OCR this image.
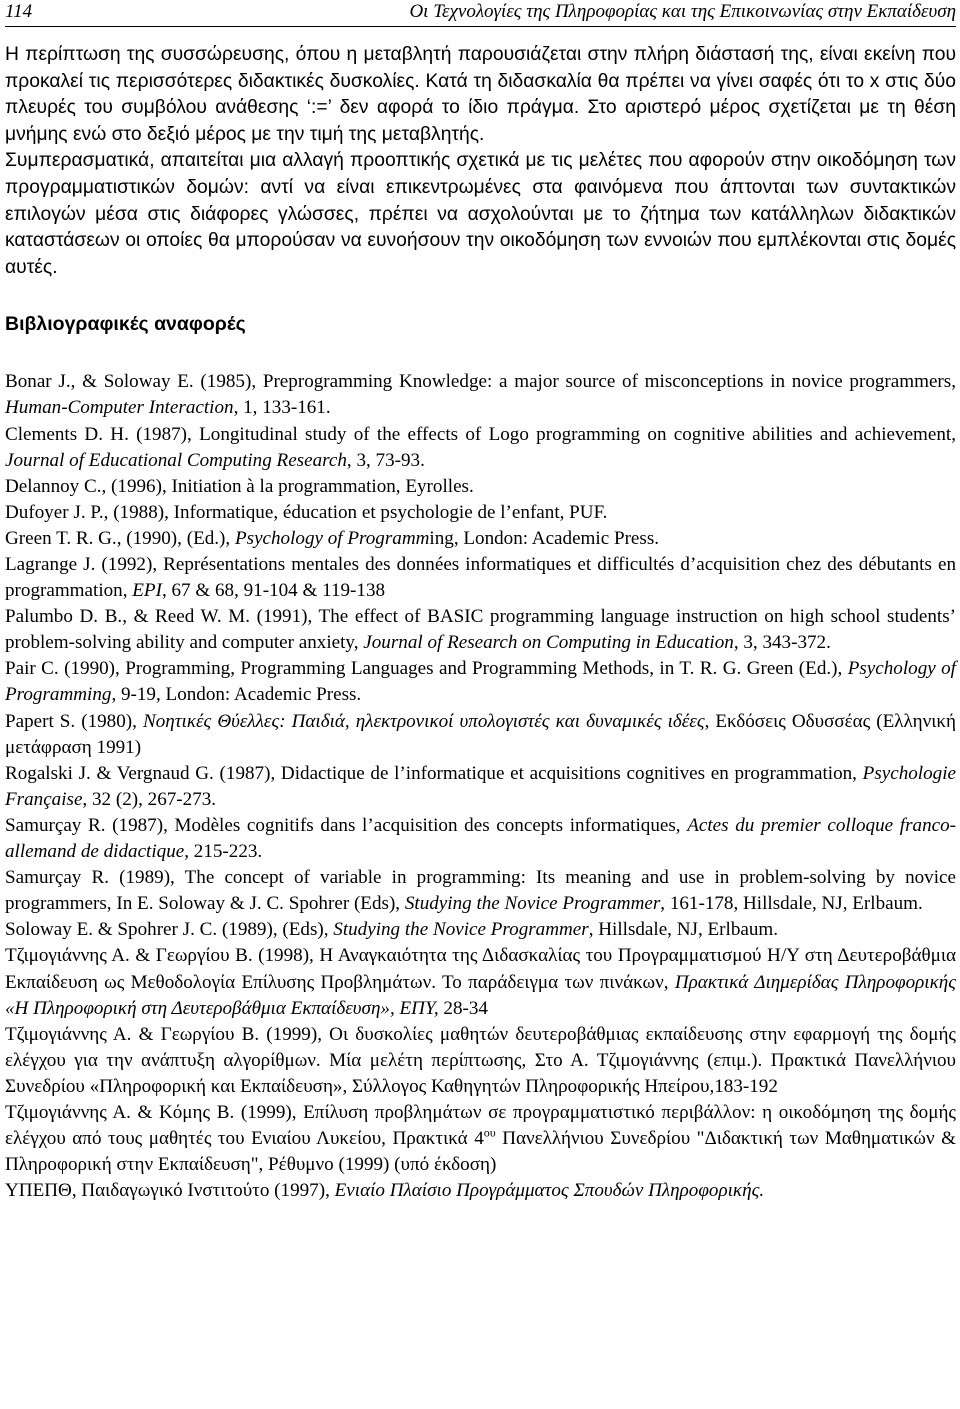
114	Οι Τεχνολογίες της Πληροφορίας και της Επικοινωνίας στην Εκπαίδευση

Η περίπτωση της συσσώρευσης, όπου η μεταβλητή παρουσιάζεται στην πλήρη διάστασή της, είναι εκείνη που προκαλεί τις περισσότερες διδακτικές δυσκολίες. Κατά τη διδασκαλία θα πρέπει να γίνει σαφές ότι το x στις δύο πλευρές του συμβόλου ανάθεσης ‘:=’ δεν αφορά το ίδιο πράγμα. Στο αριστερό μέρος σχετίζεται με τη θέση μνήμης ενώ στο δεξιό μέρος με την τιμή της μεταβλητής.

Συμπερασματικά, απαιτείται μια αλλαγή προοπτικής σχετικά με τις μελέτες που αφορούν στην οικοδόμηση των προγραμματιστικών δομών: αντί να είναι επικεντρωμένες στα φαινόμενα που άπτονται των συντακτικών επιλογών μέσα στις διάφορες γλώσσες, πρέπει να ασχολούνται με το ζήτημα των κατάλληλων διδακτικών καταστάσεων οι οποίες θα μπορούσαν να ευνοήσουν την οικοδόμηση των εννοιών που εμπλέκονται στις δομές αυτές.

Βιβλιογραφικές αναφορές

Bonar J., & Soloway E. (1985), Preprogramming Knowledge: a major source of misconceptions in novice programmers, Human-Computer Interaction, 1, 133-161.

Clements D. H. (1987), Longitudinal study of the effects of Logo programming on cognitive abilities and achievement, Journal of Educational Computing Research, 3, 73-93.

Delannoy C., (1996), Initiation à la programmation, Eyrolles.

Dufoyer J. P., (1988), Informatique, éducation et psychologie de l’enfant, PUF.

Green T. R. G., (1990), (Ed.), Psychology of Programming, London: Academic Press.

Lagrange J. (1992), Représentations mentales des données informatiques et difficultés d’acquisition chez des débutants en programmation, EPI, 67 & 68, 91-104 & 119-138

Palumbo D. B., & Reed W. M. (1991), The effect of BASIC programming language instruction on high school students’ problem-solving ability and computer anxiety, Journal of Research on Computing in Education, 3, 343-372.

Pair C. (1990), Programming, Programming Languages and Programming Methods, in T. R. G. Green (Ed.), Psychology of Programming, 9-19, London: Academic Press.

Papert S. (1980), Νοητικές Θύελλες: Παιδιά, ηλεκτρονικοί υπολογιστές και δυναμικές ιδέες, Εκδόσεις Οδυσσέας (Ελληνική μετάφραση 1991)

Rogalski J. & Vergnaud G. (1987), Didactique de l’informatique et acquisitions cognitives en programmation, Psychologie Française, 32 (2), 267-273.

Samurçay R. (1987), Modèles cognitifs dans l’acquisition des concepts informatiques, Actes du premier colloque franco-allemand de didactique, 215-223.

Samurçay R. (1989), The concept of variable in programming: Its meaning and use in problem-solving by novice programmers, In E. Soloway & J. C. Spohrer (Eds), Studying the Novice Programmer, 161-178, Hillsdale, NJ, Erlbaum.

Soloway E. & Spohrer J. C. (1989), (Eds), Studying the Novice Programmer, Hillsdale, NJ, Erlbaum.

Τζιμογιάννης Α. & Γεωργίου Β. (1998), Η Αναγκαιότητα της Διδασκαλίας του Προγραμματισμού Η/Υ στη Δευτεροβάθμια Εκπαίδευση ως Μεθοδολογία Επίλυσης Προβλημάτων. Το παράδειγμα των πινάκων, Πρακτικά Διημερίδας Πληροφορικής «Η Πληροφορική στη Δευτεροβάθμια Εκπαίδευση», ΕΠΥ, 28-34

Τζιμογιάννης Α. & Γεωργίου Β. (1999), Οι δυσκολίες μαθητών δευτεροβάθμιας εκπαίδευσης στην εφαρμογή της δομής ελέγχου για την ανάπτυξη αλγορίθμων. Μία μελέτη περίπτωσης, Στο Α. Τζιμογιάννης (επιμ.). Πρακτικά Πανελλήνιου Συνεδρίου «Πληροφορική και Εκπαίδευση», Σύλλογος Καθηγητών Πληροφορικής Ηπείρου,183-192

Τζιμογιάννης Α. & Κόμης Β. (1999), Επίλυση προβλημάτων σε προγραμματιστικό περιβάλλον: η οικοδόμηση της δομής ελέγχου από τους μαθητές του Ενιαίου Λυκείου, Πρακτικά $4^{o\upsilon}$ Πανελλήνιου Συνεδρίου "Διδακτική των Μαθηματικών & Πληροφορική στην Εκπαίδευση", Ρέθυμνο (1999) (υπό έκδοση)

ΥΠΕΠΘ, Παιδαγωγικό Ινστιτούτο (1997), Ενιαίο Πλαίσιο Προγράμματος Σπουδών Πληροφορικής.
